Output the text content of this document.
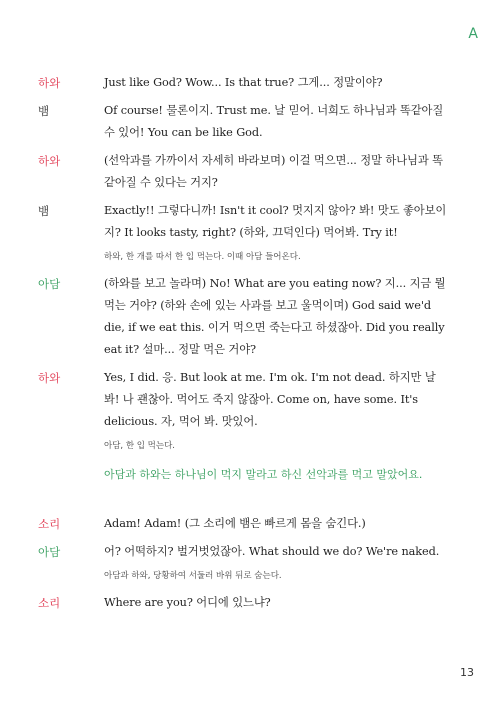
A
하와	Just like God? Wow... Is that true? 그게... 정말이야?
뱀	Of course! 물론이지. Trust me. 날 믿어. 너희도 하나님과 똑같아질 수 있어! You can be like God.
하와	(선악과를 가까이서 자세히 바라보며) 이걸 먹으면... 정말 하나님과 똑같아질 수 있다는 거지?
뱀	Exactly!! 그렇다니까! Isn't it cool? 멋지지 않아? 봐! 맛도 좋아보이지? It looks tasty, right? (하와, 끄덕인다) 먹어봐. Try it!
하와, 한 개를 따서 한 입 먹는다. 이때 아담 들어온다.
아담	(하와를 보고 놀라며) No! What are you eating now? 지... 지금 뭘 먹는 거야? (하와 손에 있는 사과를 보고 울먹이며) God said we'd die, if we eat this. 이거 먹으면 죽는다고 하셨잖아. Did you really eat it? 설마... 정말 먹은 거야?
하와	Yes, I did. 응. But look at me. I'm ok. I'm not dead. 하지만 날 봐! 나 괜찮아. 먹어도 죽지 않잖아. Come on, have some. It's delicious. 자, 먹어 봐. 맛있어.
아담, 한 입 먹는다.
아담과 하와는 하나님이 먹지 말라고 하신 선악과를 먹고 말았어요.
소리	Adam! Adam! (그 소리에 뱀은 빠르게 몸을 숨긴다.)
아담	어? 어떡하지? 벌거벗었잖아. What should we do? We're naked.
아담과 하와, 당황하여 서둘러 바위 뒤로 숨는다.
소리	Where are you? 어디에 있느냐?
13
